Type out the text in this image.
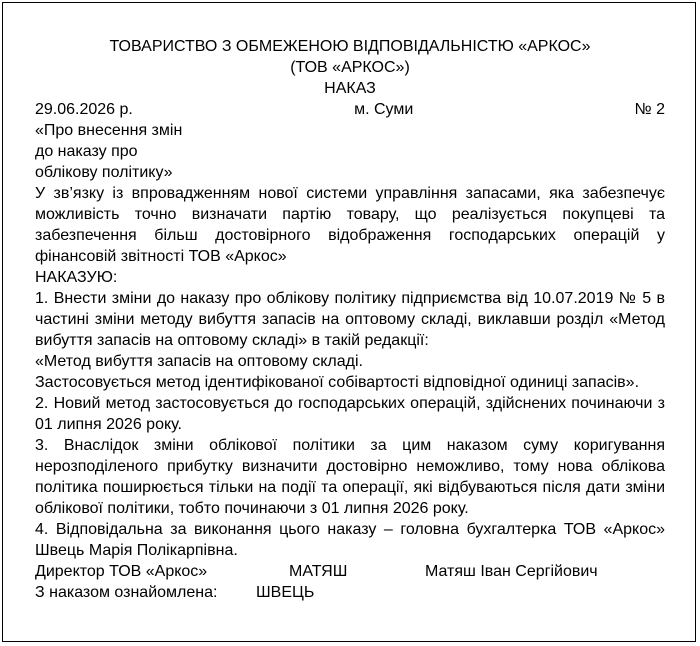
ТОВАРИСТВО З ОБМЕЖЕНОЮ ВІДПОВІДАЛЬНІСТЮ «АРКОС»
(ТОВ «АРКОС»)
НАКАЗ
29.06.2026 р.	м. Суми	№ 2
«Про внесення змін
до наказу про
облікову політику»
У зв’язку із впровадженням нової системи управління запасами, яка забезпечує можливість точно визначати партію товару, що реалізується покупцеві та забезпечення більш достовірного відображення господарських операцій у фінансовій звітності ТОВ «Аркос»
НАКАЗУЮ:
1. Внести зміни до наказу про облікову політику підприємства від 10.07.2019 № 5 в частині зміни методу вибуття запасів на оптовому складі, виклавши розділ «Метод вибуття запасів на оптовому складі» в такій редакції:
«Метод вибуття запасів на оптовому складі.
Застосовується метод ідентифікованої собівартості відповідної одиниці запасів».
2. Новий метод застосовується до господарських операцій, здійснених починаючи з 01 липня 2026 року.
3. Внаслідок зміни облікової політики за цим наказом суму коригування нерозподіленого прибутку визначити достовірно неможливо, тому нова облікова політика поширюється тільки на події та операції, які відбуваються після дати зміни облікової політики, тобто починаючи з 01 липня 2026 року.
4. Відповідальна за виконання цього наказу – головна бухгалтерка ТОВ «Аркос» Швець Марія Полікарпівна.
Директор ТОВ «Аркос»	МАТЯШ	Матяш Іван Сергійович
З наказом ознайомлена: ШВЕЦЬ
